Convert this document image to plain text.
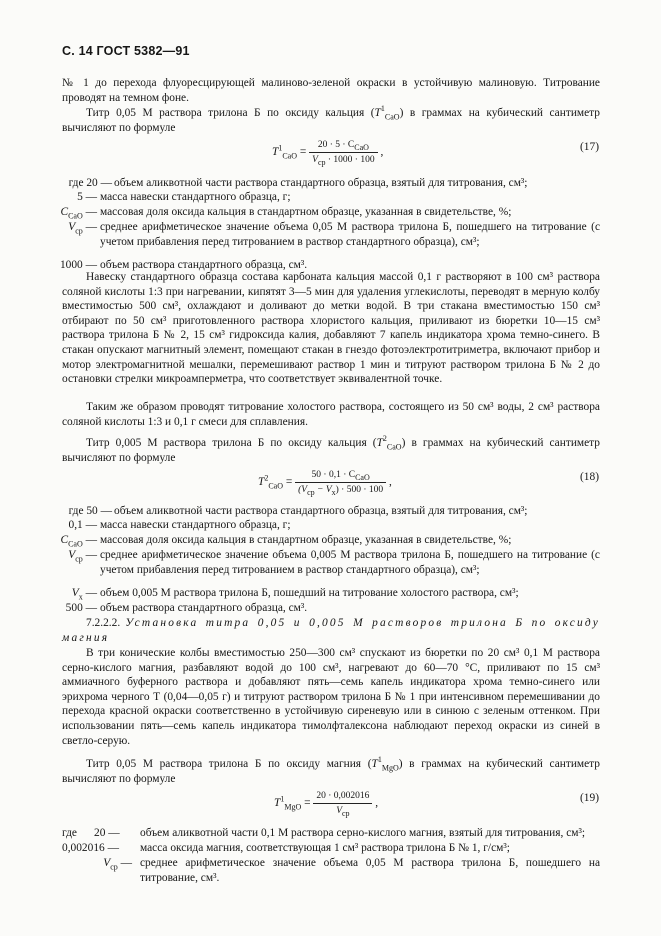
С. 14 ГОСТ 5382—91

№ 1 до перехода флуоресцирующей малиново-зеленой окраски в устойчивую малиновую. Титрование проводят на темном фоне.

Титр 0,05 М раствора трилона Б по оксиду кальция $(T^1_{CaO})$ в граммах на кубический сантиметр вычисляют по формуле

$T^1_{CaO} = \frac{20 \cdot 5 \cdot C_{CaO}}{V_{ср} \cdot 1000 \cdot 100}$ ,	(17)
где 20 — объем аликвотной части раствора стандартного образца, взятый для титрования, см³;
5 — масса навески стандартного образца, г;
$C_{CaO}$ — массовая доля оксида кальция в стандартном образце, указанная в свидетельстве, %;
$V_{ср}$ — среднее арифметическое значение объема 0,05 М раствора трилона Б, пошедшего на титрование (с учетом прибавления перед титрованием в раствор стандартного образца), см³;
1000 — объем раствора стандартного образца, см³.

Навеску стандартного образца состава карбоната кальция массой 0,1 г растворяют в 100 см³ раствора соляной кислоты 1:3 при нагревании, кипятят 3—5 мин для удаления углекислоты, переводят в мерную колбу вместимостью 500 см³, охлаждают и доливают до метки водой. В три стакана вместимостью 150 см³ отбирают по 50 см³ приготовленного раствора хлористого кальция, приливают из бюретки 10—15 см³ раствора трилона Б № 2, 15 см³ гидроксида калия, добавляют 7 капель индикатора хрома темно-синего. В стакан опускают магнитный элемент, помещают стакан в гнездо фотоэлектротитриметра, включают прибор и мотор электромагнитной мешалки, перемешивают раствор 1 мин и титруют раствором трилона Б № 2 до остановки стрелки микроамперметра, что соответствует эквивалентной точке.

Таким же образом проводят титрование холостого раствора, состоящего из 50 см³ воды, 2 см³ раствора соляной кислоты 1:3 и 0,1 г смеси для сплавления.

Титр 0,005 М раствора трилона Б по оксиду кальция $(T^2_{CaO})$ в граммах на кубический сантиметр вычисляют по формуле

$T^2_{CaO} = \frac{50 \cdot 0,1 \cdot C_{CaO}}{(V_{ср} - V_x) \cdot 500 \cdot 100}$ ,	(18)
где 50 — объем аликвотной части раствора стандартного образца, взятый для титрования, см³;
0,1 — масса навески стандартного образца, г;
$C_{CaO}$ — массовая доля оксида кальция в стандартном образце, указанная в свидетельстве, %;
$V_{ср}$ — среднее арифметическое значение объема 0,005 М раствора трилона Б, пошедшего на титрование (с учетом прибавления перед титрованием в раствор стандартного образца), см³;
$V_x$ — объем 0,005 М раствора трилона Б, пошедший на титрование холостого раствора, см³;
500 — объем раствора стандартного образца, см³.

7.2.2.2. Установка титра 0,05 и 0,005 М растворов трилона Б по оксиду магния

В три конические колбы вместимостью 250—300 см³ спускают из бюретки по 20 см³ 0,1 М раствора серно-кислого магния, разбавляют водой до 100 см³, нагревают до 60—70 °С, приливают по 15 см³ аммиачного буферного раствора и добавляют пять—семь капель индикатора хрома темно-синего или эрихрома черного Т (0,04—0,05 г) и титруют раствором трилона Б № 1 при интенсивном перемешивании до перехода красной окраски соответственно в устойчивую сиреневую или в синюю с зеленым оттенком. При использовании пять—семь капель индикатора тимолфталексона наблюдают переход окраски из синей в светло-серую.

Титр 0,05 М раствора трилона Б по оксиду магния $(T^1_{MgO})$ в граммах на кубический сантиметр вычисляют по формуле

$T^1_{MgO} = \frac{20 \cdot 0,002016}{V_{ср}}$ ,	(19)
где      20 —	объем аликвотной части 0,1 М раствора серно-кислого магния, взятый для титрования, см³;
0,002016 —	масса оксида магния, соответствующая 1 см³ раствора трилона Б № 1, г/см³;
$V_{ср}$ — среднее арифметическое значение объема 0,05 М раствора трилона Б, пошедшего на титрование, см³.
